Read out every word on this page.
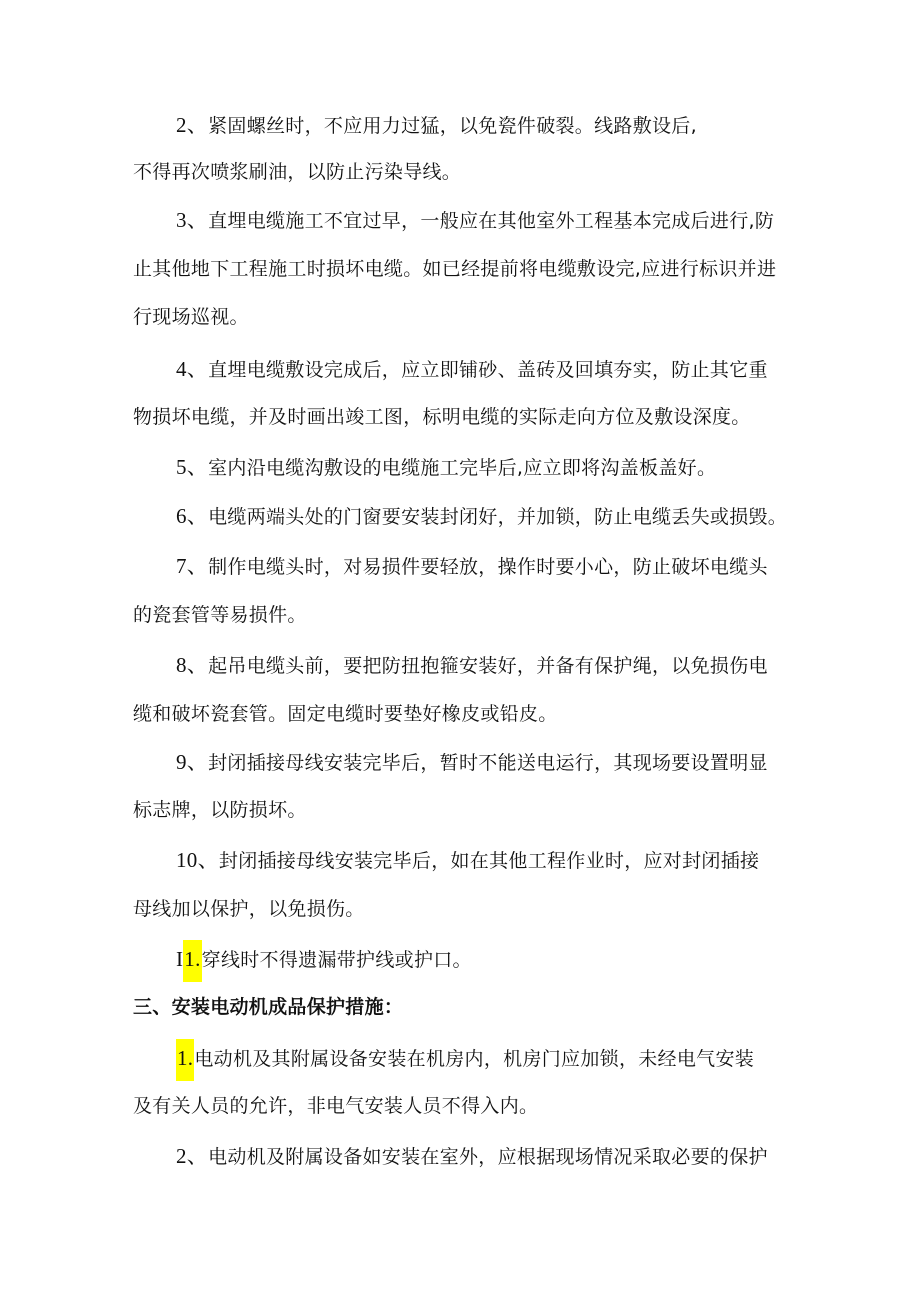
2、紧固螺丝时，不应用力过猛，以免瓷件破裂。线路敷设后,
不得再次喷浆刷油，以防止污染导线。
3、直埋电缆施工不宜过早，一般应在其他室外工程基本完成后进行,防
止其他地下工程施工时损坏电缆。如已经提前将电缆敷设完,应进行标识并进
行现场巡视。
4、直埋电缆敷设完成后，应立即铺砂、盖砖及回填夯实，防止其它重
物损坏电缆，并及时画出竣工图，标明电缆的实际走向方位及敷设深度。
5、室内沿电缆沟敷设的电缆施工完毕后,应立即将沟盖板盖好。
6、电缆两端头处的门窗要安装封闭好，并加锁，防止电缆丢失或损毁。
7、制作电缆头时，对易损件要轻放，操作时要小心，防止破坏电缆头
的瓷套管等易损件。
8、起吊电缆头前，要把防扭抱箍安装好，并备有保护绳，以免损伤电
缆和破坏瓷套管。固定电缆时要垫好橡皮或铅皮。
9、封闭插接母线安装完毕后，暂时不能送电运行，其现场要设置明显
标志牌，以防损坏。
10、封闭插接母线安装完毕后，如在其他工程作业时，应对封闭插接
母线加以保护，以免损伤。
I1.穿线时不得遗漏带护线或护口。
三、安装电动机成品保护措施：
1.电动机及其附属设备安装在机房内，机房门应加锁，未经电气安装
及有关人员的允许，非电气安装人员不得入内。
2、电动机及附属设备如安装在室外，应根据现场情况采取必要的保护
